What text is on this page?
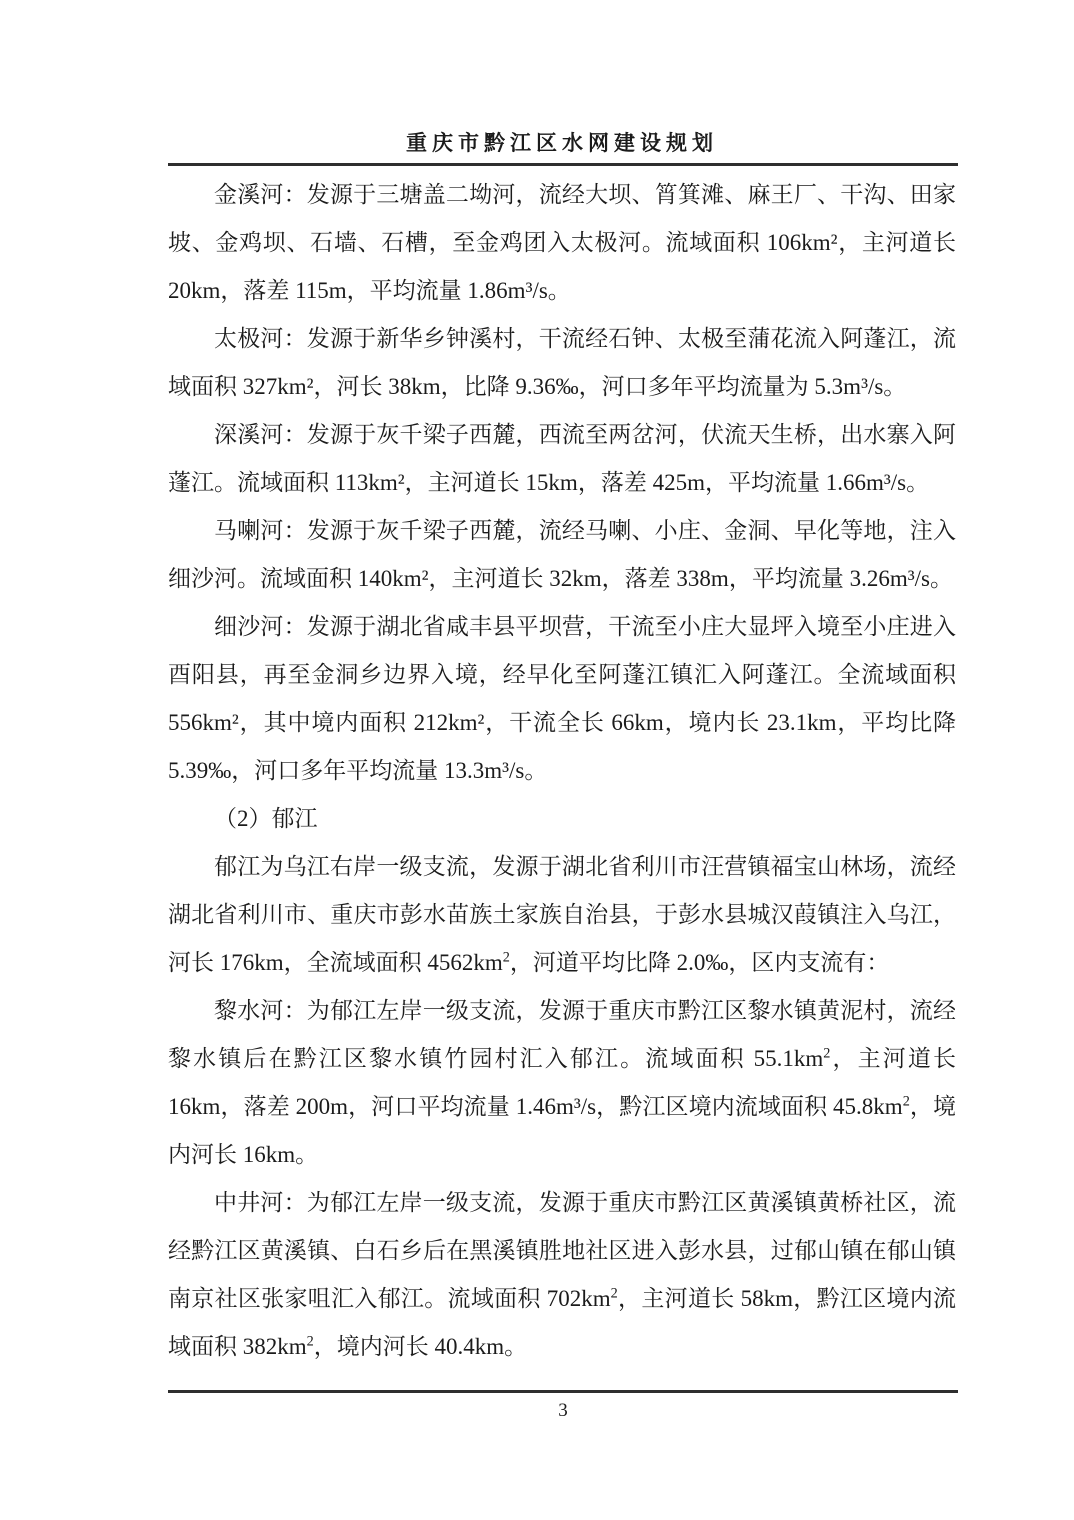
重庆市黔江区水网建设规划

金溪河：发源于三塘盖二坳河，流经大坝、筲箕滩、麻王厂、干沟、田家坡、金鸡坝、石墙、石槽，至金鸡团入太极河。流域面积 106km²，主河道长 20km，落差 115m，平均流量 1.86m³/s。

太极河：发源于新华乡钟溪村，干流经石钟、太极至蒲花流入阿蓬江，流域面积 327km²，河长 38km，比降 9.36‰，河口多年平均流量为 5.3m³/s。

深溪河：发源于灰千梁子西麓，西流至两岔河，伏流天生桥，出水寨入阿蓬江。流域面积 113km²，主河道长 15km，落差 425m，平均流量 1.66m³/s。

马喇河：发源于灰千梁子西麓，流经马喇、小庄、金洞、早化等地，注入细沙河。流域面积 140km²，主河道长 32km，落差 338m，平均流量 3.26m³/s。

细沙河：发源于湖北省咸丰县平坝营，干流至小庄大显坪入境至小庄进入酉阳县，再至金洞乡边界入境，经早化至阿蓬江镇汇入阿蓬江。全流域面积 556km²，其中境内面积 212km²，干流全长 66km，境内长 23.1km，平均比降 5.39‰，河口多年平均流量 13.3m³/s。

（2）郁江

郁江为乌江右岸一级支流，发源于湖北省利川市汪营镇福宝山林场，流经湖北省利川市、重庆市彭水苗族土家族自治县，于彭水县城汉葭镇注入乌江，河长 176km，全流域面积 $4562km^2$，河道平均比降 2.0‰，区内支流有：

黎水河：为郁江左岸一级支流，发源于重庆市黔江区黎水镇黄泥村，流经黎水镇后在黔江区黎水镇竹园村汇入郁江。流域面积 $55.1km^2$，主河道长 16km，落差 200m，河口平均流量 1.46m³/s，黔江区境内流域面积 $45.8km^2$，境内河长 16km。

中井河：为郁江左岸一级支流，发源于重庆市黔江区黄溪镇黄桥社区，流经黔江区黄溪镇、白石乡后在黑溪镇胜地社区进入彭水县，过郁山镇在郁山镇南京社区张家咀汇入郁江。流域面积 $702km^2$，主河道长 58km，黔江区境内流域面积 $382km^2$，境内河长 40.4km。

3
